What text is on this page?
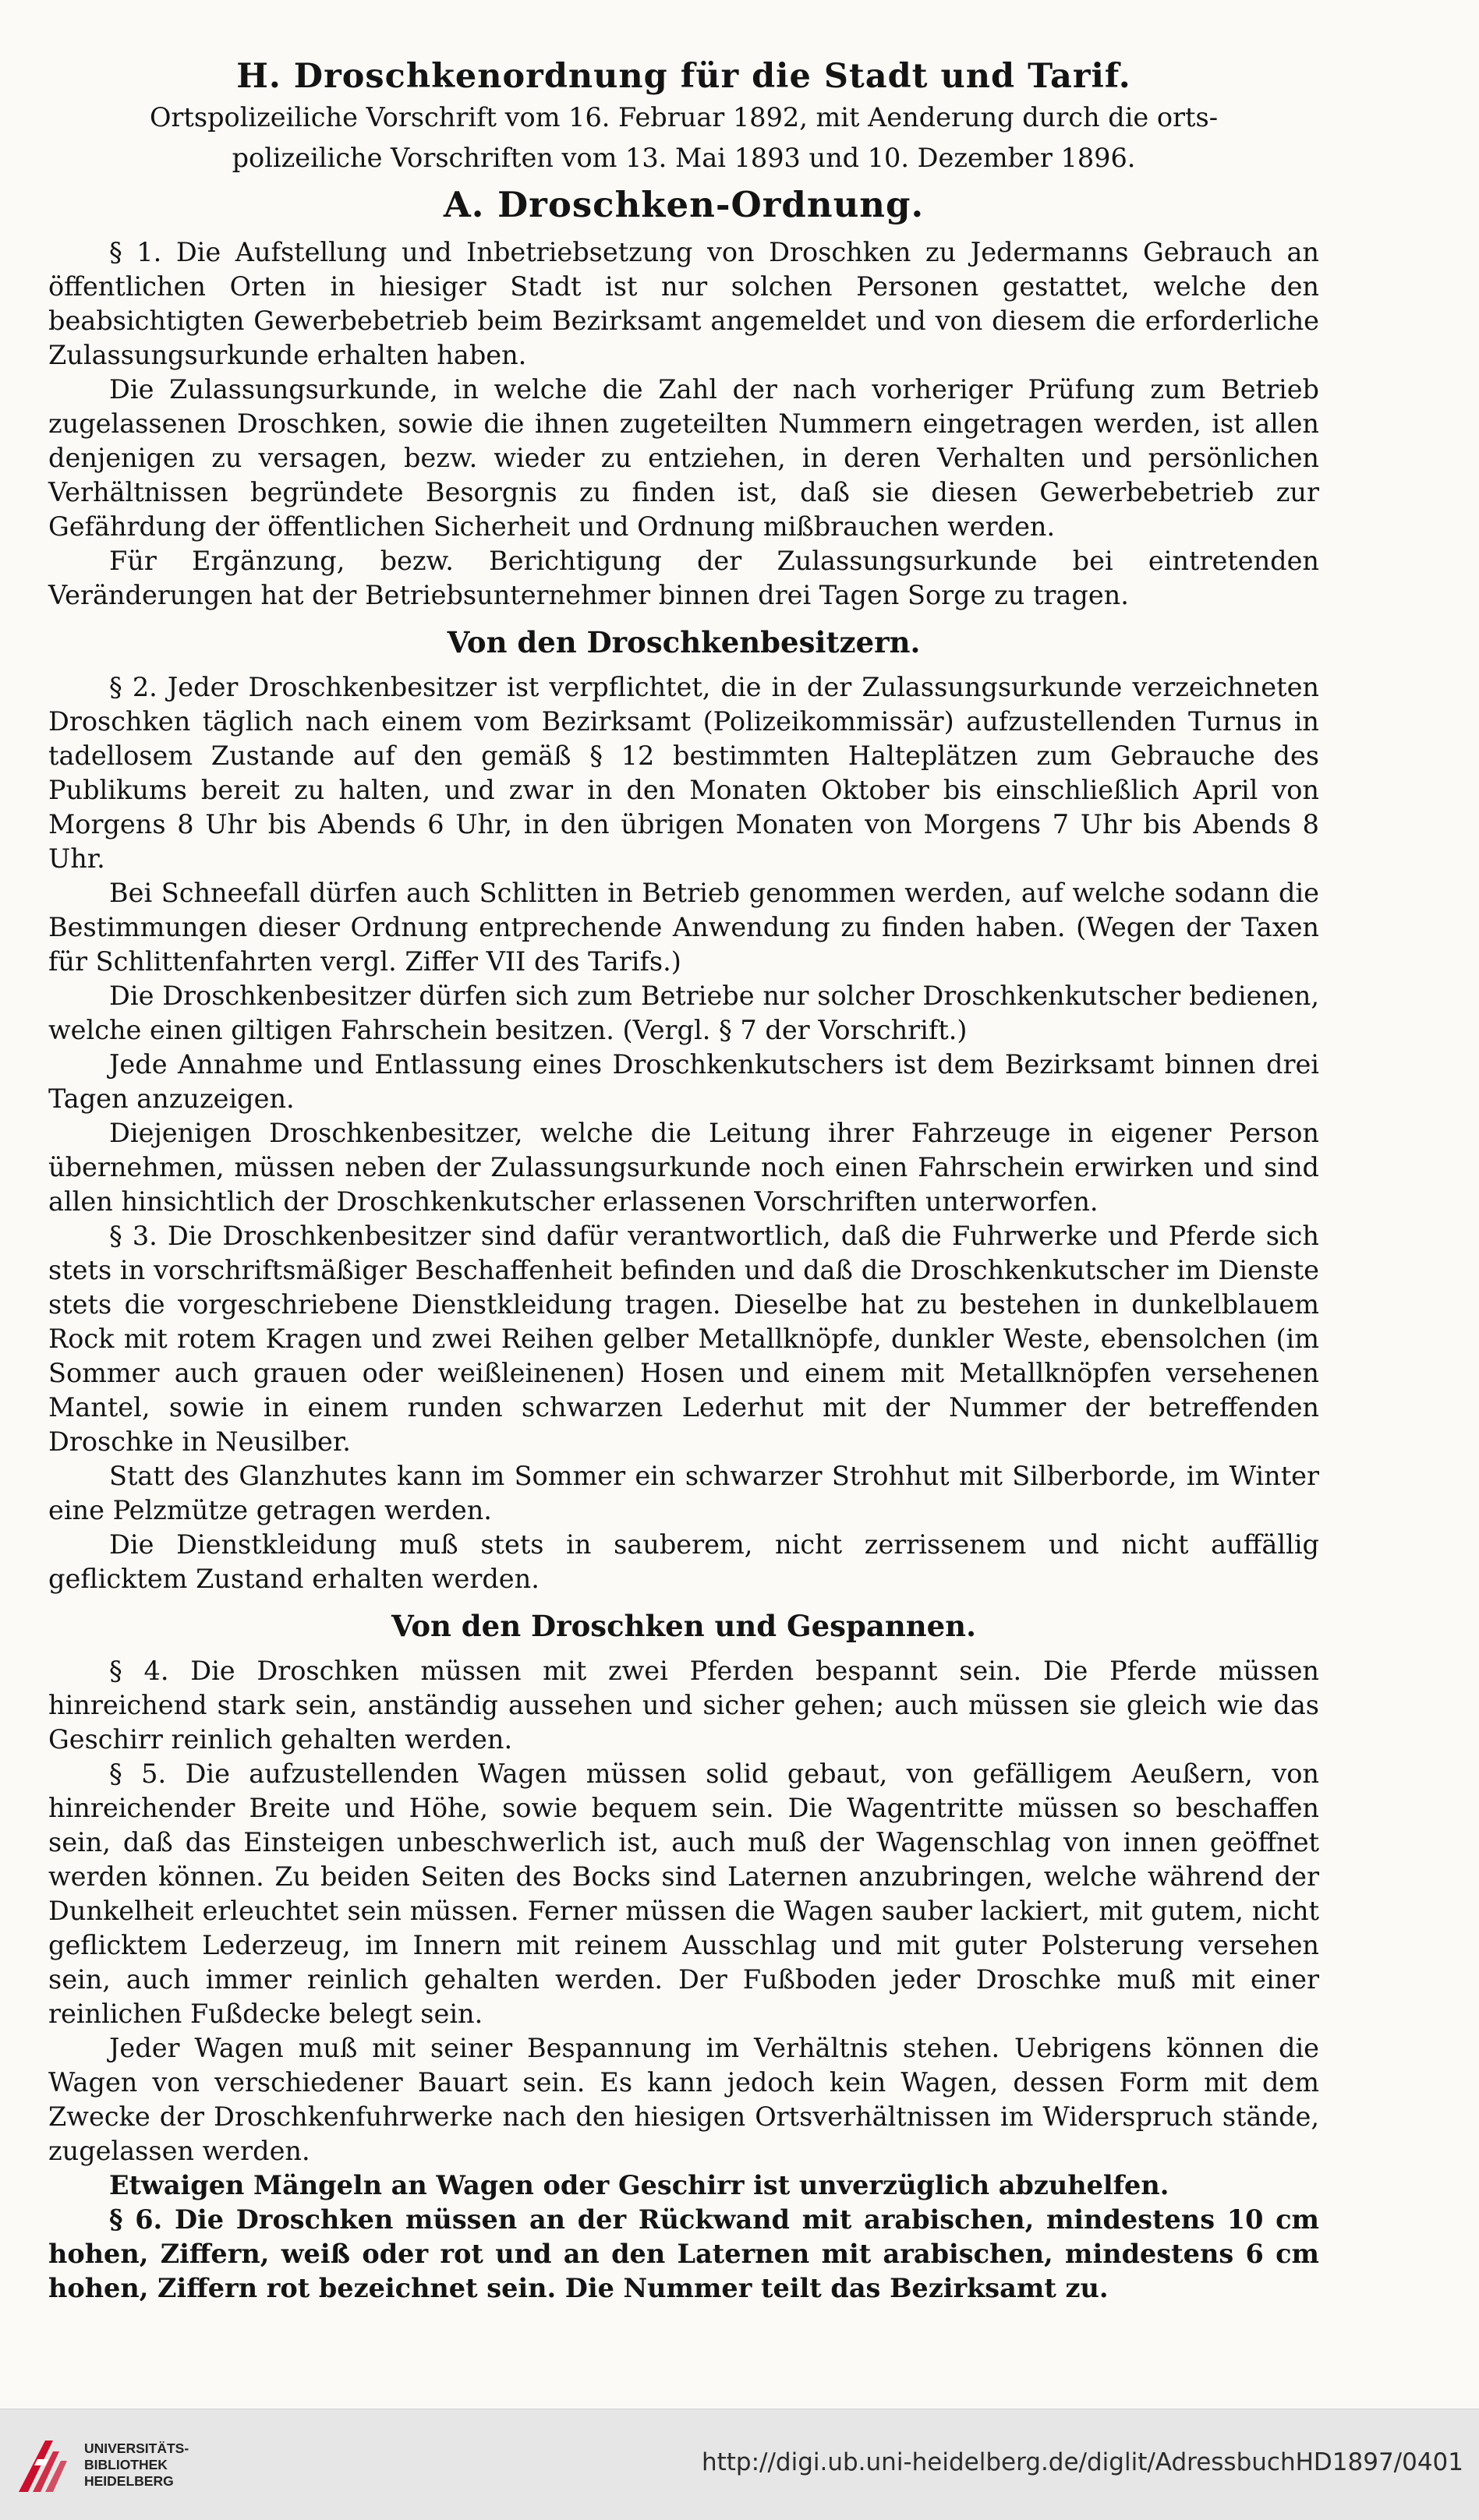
H. Droschkenordnung für die Stadt und Tarif.

Ortspolizeiliche Vorschrift vom 16. Februar 1892, mit Aenderung durch die orts-

polizeiliche Vorschriften vom 13. Mai 1893 und 10. Dezember 1896.

A. Droschken-Ordnung.

§ 1. Die Aufstellung und Inbetriebsetzung von Droschken zu Jedermanns Gebrauch an öffentlichen Orten in hiesiger Stadt ist nur solchen Personen gestattet, welche den beabsichtigten Gewerbebetrieb beim Bezirksamt angemeldet und von diesem die erforderliche Zulassungsurkunde erhalten haben.

Die Zulassungsurkunde, in welche die Zahl der nach vorheriger Prüfung zum Betrieb zugelassenen Droschken, sowie die ihnen zugeteilten Nummern eingetragen werden, ist allen denjenigen zu versagen, bezw. wieder zu entziehen, in deren Verhalten und persönlichen Verhältnissen begründete Besorgnis zu finden ist, daß sie diesen Gewerbebetrieb zur Gefährdung der öffentlichen Sicherheit und Ordnung mißbrauchen werden.

Für Ergänzung, bezw. Berichtigung der Zulassungsurkunde bei eintretenden Veränderungen hat der Betriebsunternehmer binnen drei Tagen Sorge zu tragen.

Von den Droschkenbesitzern.

§ 2. Jeder Droschkenbesitzer ist verpflichtet, die in der Zulassungsurkunde verzeichneten Droschken täglich nach einem vom Bezirksamt (Polizeikommissär) aufzustellenden Turnus in tadellosem Zustande auf den gemäß § 12 bestimmten Halteplätzen zum Gebrauche des Publikums bereit zu halten, und zwar in den Monaten Oktober bis einschließlich April von Morgens 8 Uhr bis Abends 6 Uhr, in den übrigen Monaten von Morgens 7 Uhr bis Abends 8 Uhr.

Bei Schneefall dürfen auch Schlitten in Betrieb genommen werden, auf welche sodann die Bestimmungen dieser Ordnung entprechende Anwendung zu finden haben. (Wegen der Taxen für Schlittenfahrten vergl. Ziffer VII des Tarifs.)

Die Droschkenbesitzer dürfen sich zum Betriebe nur solcher Droschkenkutscher bedienen, welche einen giltigen Fahrschein besitzen. (Vergl. § 7 der Vorschrift.)

Jede Annahme und Entlassung eines Droschkenkutschers ist dem Bezirksamt binnen drei Tagen anzuzeigen.

Diejenigen Droschkenbesitzer, welche die Leitung ihrer Fahrzeuge in eigener Person übernehmen, müssen neben der Zulassungsurkunde noch einen Fahrschein erwirken und sind allen hinsichtlich der Droschkenkutscher erlassenen Vorschriften unterworfen.

§ 3. Die Droschkenbesitzer sind dafür verantwortlich, daß die Fuhrwerke und Pferde sich stets in vorschriftsmäßiger Beschaffenheit befinden und daß die Droschkenkutscher im Dienste stets die vorgeschriebene Dienstkleidung tragen. Dieselbe hat zu bestehen in dunkelblauem Rock mit rotem Kragen und zwei Reihen gelber Metallknöpfe, dunkler Weste, ebensolchen (im Sommer auch grauen oder weißleinenen) Hosen und einem mit Metallknöpfen versehenen Mantel, sowie in einem runden schwarzen Lederhut mit der Nummer der betreffenden Droschke in Neusilber.

Statt des Glanzhutes kann im Sommer ein schwarzer Strohhut mit Silberborde, im Winter eine Pelzmütze getragen werden.

Die Dienstkleidung muß stets in sauberem, nicht zerrissenem und nicht auffällig geflicktem Zustand erhalten werden.

Von den Droschken und Gespannen.

§ 4. Die Droschken müssen mit zwei Pferden bespannt sein. Die Pferde müssen hinreichend stark sein, anständig aussehen und sicher gehen; auch müssen sie gleich wie das Geschirr reinlich gehalten werden.

§ 5. Die aufzustellenden Wagen müssen solid gebaut, von gefälligem Aeußern, von hinreichender Breite und Höhe, sowie bequem sein. Die Wagentritte müssen so beschaffen sein, daß das Einsteigen unbeschwerlich ist, auch muß der Wagenschlag von innen geöffnet werden können. Zu beiden Seiten des Bocks sind Laternen anzubringen, welche während der Dunkelheit erleuchtet sein müssen. Ferner müssen die Wagen sauber lackiert, mit gutem, nicht geflicktem Lederzeug, im Innern mit reinem Ausschlag und mit guter Polsterung versehen sein, auch immer reinlich gehalten werden. Der Fußboden jeder Droschke muß mit einer reinlichen Fußdecke belegt sein.

Jeder Wagen muß mit seiner Bespannung im Verhältnis stehen. Uebrigens können die Wagen von verschiedener Bauart sein. Es kann jedoch kein Wagen, dessen Form mit dem Zwecke der Droschkenfuhrwerke nach den hiesigen Ortsverhältnissen im Widerspruch stände, zugelassen werden.

Etwaigen Mängeln an Wagen oder Geschirr ist unverzüglich abzuhelfen.

§ 6. Die Droschken müssen an der Rückwand mit arabischen, mindestens 10 cm hohen, Ziffern, weiß oder rot und an den Laternen mit arabischen, mindestens 6 cm hohen, Ziffern rot bezeichnet sein. Die Nummer teilt das Bezirksamt zu.

UNIVERSITÄTS-
BIBLIOTHEK
HEIDELBERG
http://digi.ub.uni-heidelberg.de/diglit/AdressbuchHD1897/0401
